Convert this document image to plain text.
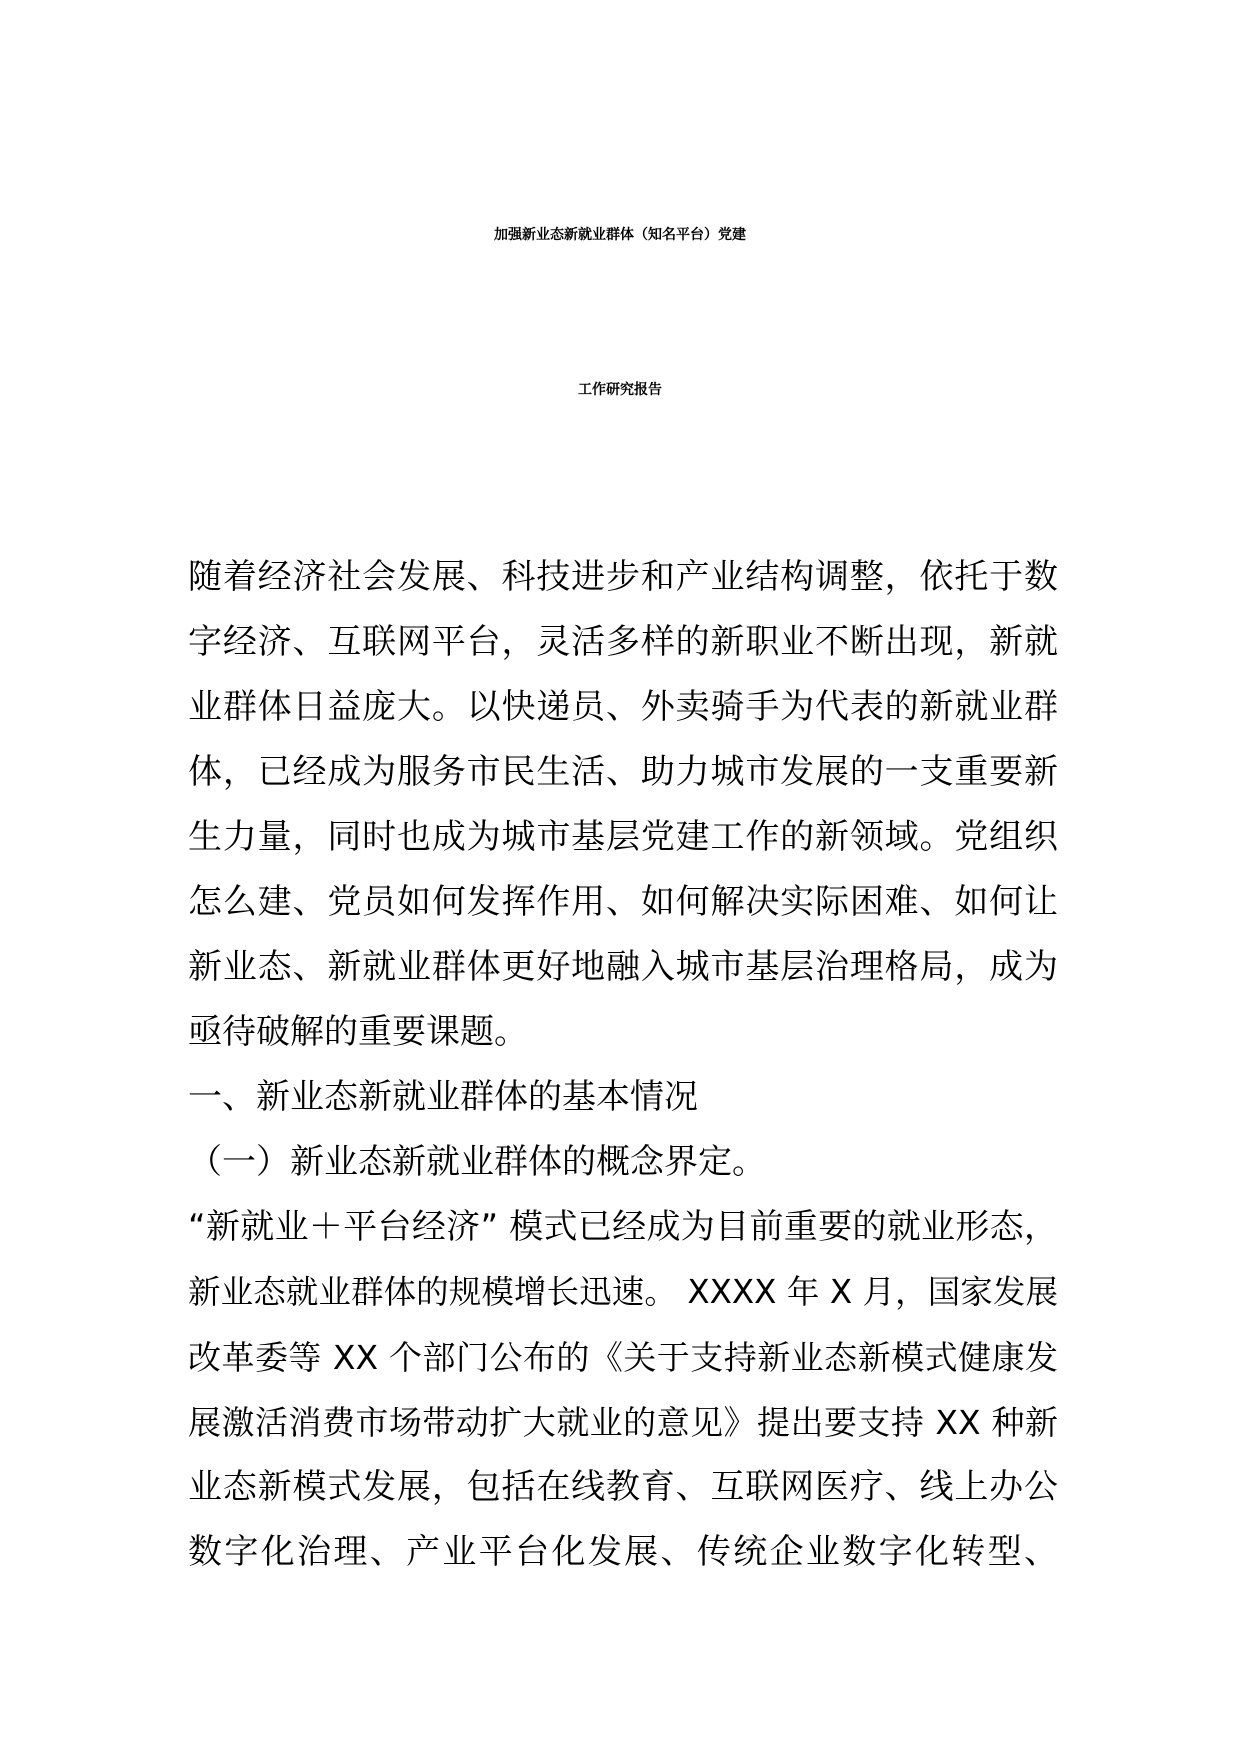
加强新业态新就业群体（知名平台）党建
工作研究报告
随着经济社会发展、科技进步和产业结构调整，依托于数
字经济、互联网平台，灵活多样的新职业不断出现，新就
业群体日益庞大。以快递员、外卖骑手为代表的新就业群
体，已经成为服务市民生活、助力城市发展的一支重要新
生力量，同时也成为城市基层党建工作的新领域。党组织
怎么建、党员如何发挥作用、如何解决实际困难、如何让
新业态、新就业群体更好地融入城市基层治理格局，成为
亟待破解的重要课题。
一、新业态新就业群体的基本情况
（一）新业态新就业群体的概念界定。
“新就业＋平台经济” 模式已经成为目前重要的就业形态，
新业态就业群体的规模增长迅速。 XXXX 年 X 月，国家发展
改革委等 XX 个部门公布的《关于支持新业态新模式健康发
展激活消费市场带动扩大就业的意见》提出要支持 XX 种新
业态新模式发展，包括在线教育、互联网医疗、线上办公
数字化治理、产业平台化发展、传统企业数字化转型、
